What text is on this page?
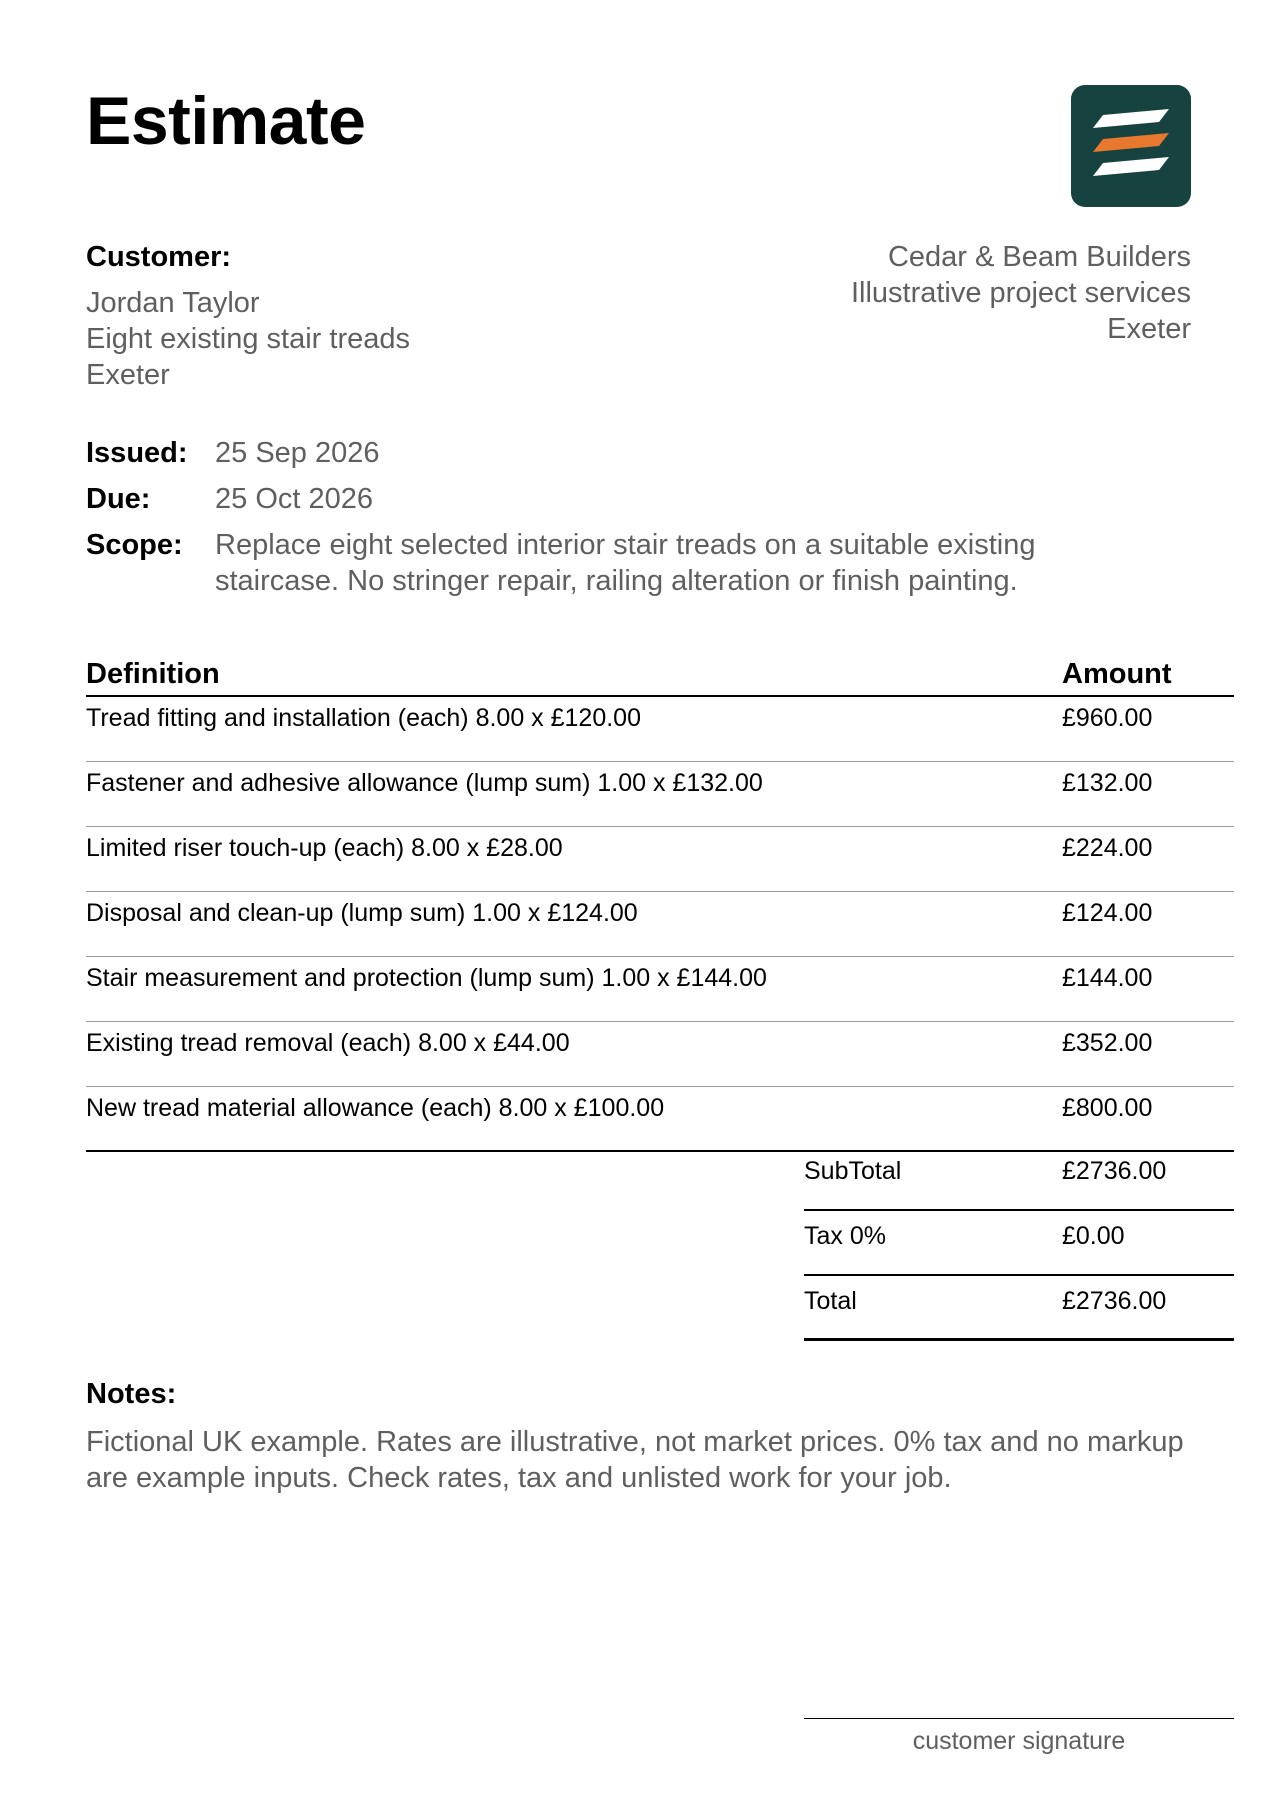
Estimate
Customer:
Jordan Taylor
Eight existing stair treads
Exeter
Cedar & Beam Builders
Illustrative project services
Exeter
Issued: 25 Sep 2026
Due:	25 Oct 2026
Scope:	Replace eight selected interior stair treads on a suitable existing staircase. No stringer repair, railing alteration or finish painting.
Definition	Amount
Tread fitting and installation (each) 8.00 x £120.00	£960.00
Fastener and adhesive allowance (lump sum) 1.00 x £132.00	£132.00
Limited riser touch-up (each) 8.00 x £28.00	£224.00
Disposal and clean-up (lump sum) 1.00 x £124.00	£124.00
Stair measurement and protection (lump sum) 1.00 x £144.00	£144.00
Existing tread removal (each) 8.00 x £44.00	£352.00
New tread material allowance (each) 8.00 x £100.00	£800.00
SubTotal	£2736.00
Tax 0%	£0.00
Total	£2736.00
Notes:
Fictional UK example. Rates are illustrative, not market prices. 0% tax and no markup are example inputs. Check rates, tax and unlisted work for your job.
customer signature
